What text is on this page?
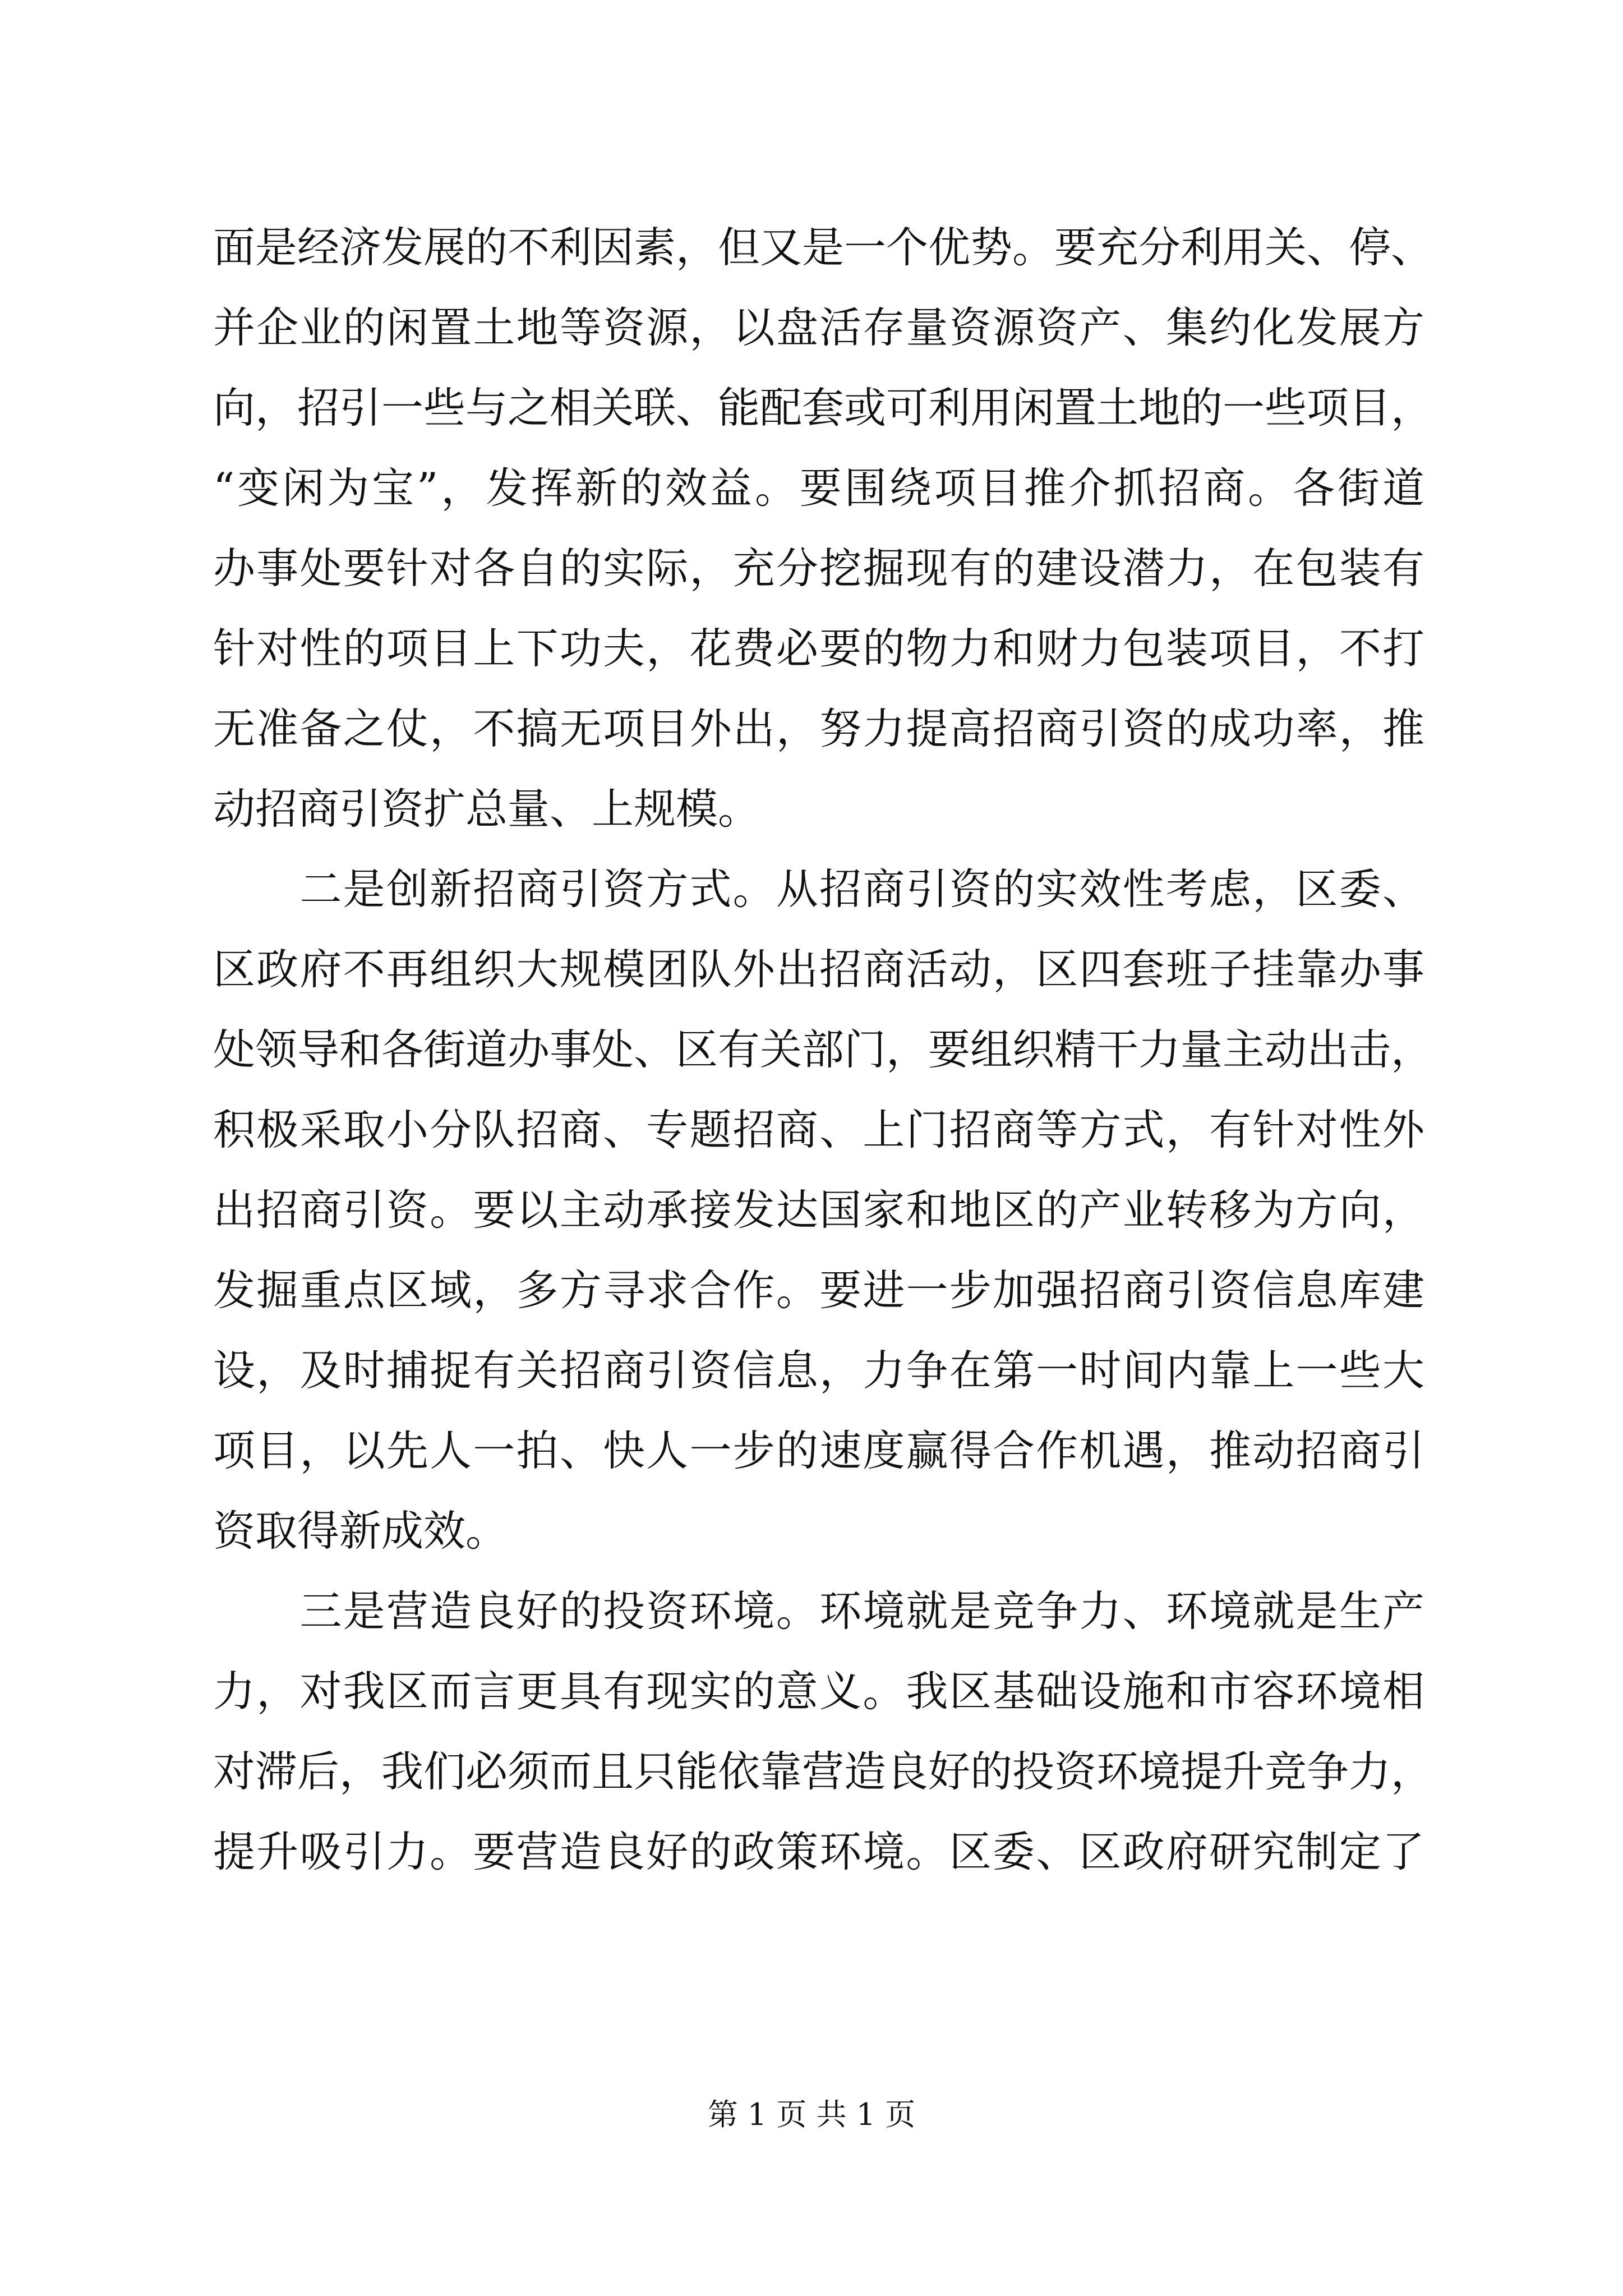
面是经济发展的不利因素，但又是一个优势。要充分利用关、停、
并企业的闲置土地等资源，以盘活存量资源资产、集约化发展方
向，招引一些与之相关联、能配套或可利用闲置土地的一些项目，
“变闲为宝”，发挥新的效益。要围绕项目推介抓招商。各街道
办事处要针对各自的实际，充分挖掘现有的建设潜力，在包装有
针对性的项目上下功夫，花费必要的物力和财力包装项目，不打
无准备之仗，不搞无项目外出，努力提高招商引资的成功率，推
动招商引资扩总量、上规模。
　　二是创新招商引资方式。从招商引资的实效性考虑，区委、
区政府不再组织大规模团队外出招商活动，区四套班子挂靠办事
处领导和各街道办事处、区有关部门，要组织精干力量主动出击，
积极采取小分队招商、专题招商、上门招商等方式，有针对性外
出招商引资。要以主动承接发达国家和地区的产业转移为方向，
发掘重点区域，多方寻求合作。要进一步加强招商引资信息库建
设，及时捕捉有关招商引资信息，力争在第一时间内靠上一些大
项目，以先人一拍、快人一步的速度赢得合作机遇，推动招商引
资取得新成效。
　　三是营造良好的投资环境。环境就是竞争力、环境就是生产
力，对我区而言更具有现实的意义。我区基础设施和市容环境相
对滞后，我们必须而且只能依靠营造良好的投资环境提升竞争力，
提升吸引力。要营造良好的政策环境。区委、区政府研究制定了
第 1 页 共 1 页
